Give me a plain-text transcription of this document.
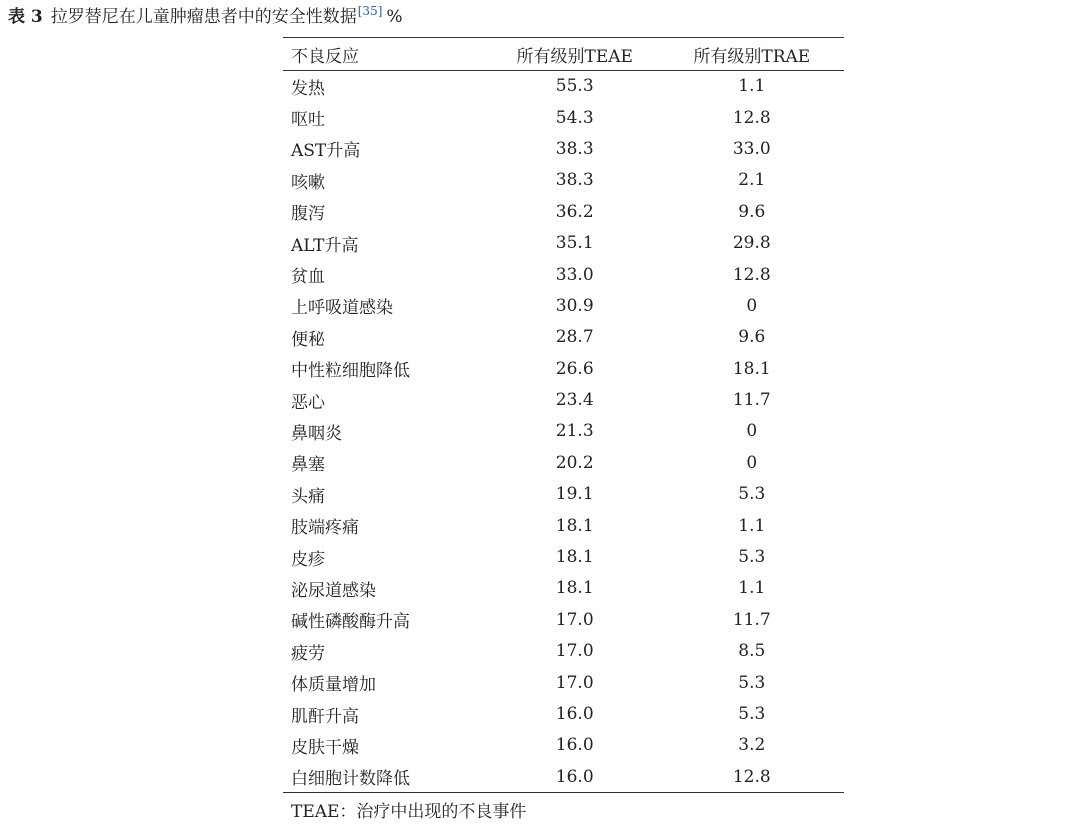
表 3 拉罗替尼在儿童肿瘤患者中的安全性数据[35] %
不良反应	所有级别TEAE	所有级别TRAE
发热	55.3	1.1
呕吐	54.3	12.8
AST升高	38.3	33.0
咳嗽	38.3	2.1
腹泻	36.2	9.6
ALT升高	35.1	29.8
贫血	33.0	12.8
上呼吸道感染	30.9	0
便秘	28.7	9.6
中性粒细胞降低	26.6	18.1
恶心	23.4	11.7
鼻咽炎	21.3	0
鼻塞	20.2	0
头痛	19.1	5.3
肢端疼痛	18.1	1.1
皮疹	18.1	5.3
泌尿道感染	18.1	1.1
碱性磷酸酶升高	17.0	11.7
疲劳	17.0	8.5
体质量增加	17.0	5.3
肌酐升高	16.0	5.3
皮肤干燥	16.0	3.2
白细胞计数降低	16.0	12.8
TEAE：治疗中出现的不良事件
